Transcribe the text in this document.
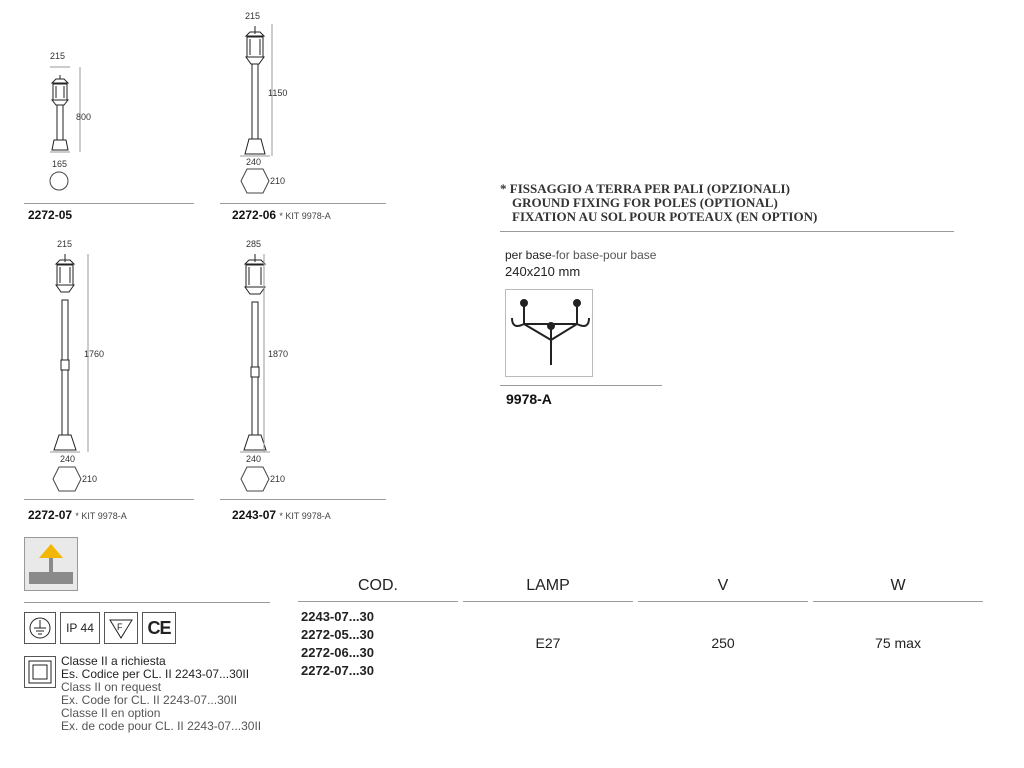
215
800
165
2272-05
215
1150
240
210
2272-06 * KIT 9978-A
215
1760
240
210
2272-07 * KIT 9978-A
285
1870
240
210
2243-07 * KIT 9978-A
* FISSAGGIO A TERRA PER PALI (OPZIONALI)
GROUND FIXING FOR POLES (OPTIONAL)
FIXATION AU SOL POUR POTEAUX (EN OPTION)
per base-for base-pour base
240x210 mm
9978-A
IP 44	F	CE
Classe II a richiesta
Es. Codice per CL. II 2243-07...30II
Class II on request
Ex. Code for CL. II 2243-07...30II
Classe II en option
Ex. de code pour CL. II 2243-07...30II
COD.	LAMP	V	W
2243-07...30
2272-05...30
2272-06...30
2272-07...30
E27	250	75 max
